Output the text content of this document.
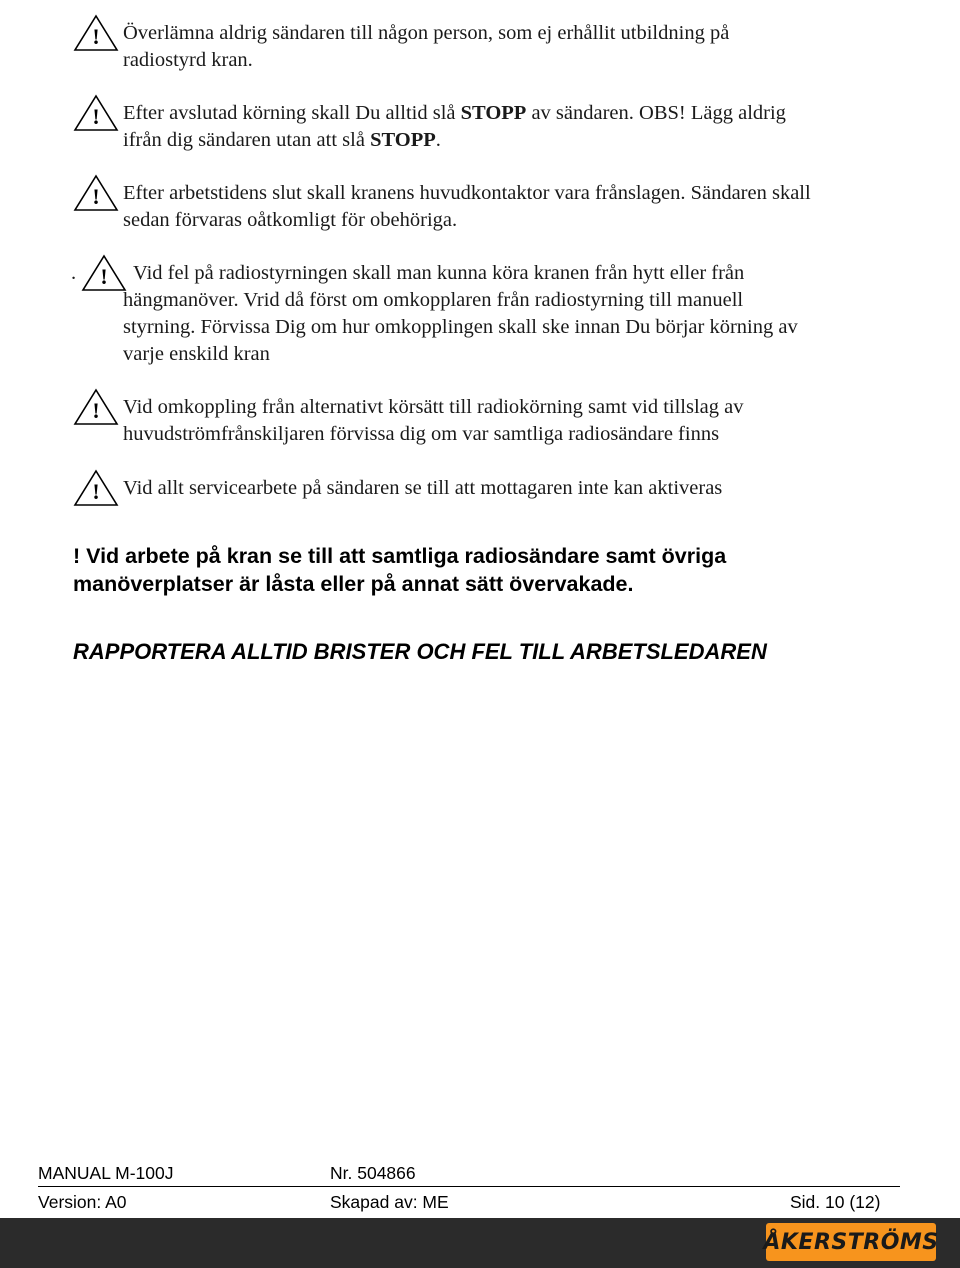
!	Överlämna aldrig sändaren till någon person, som ej erhållit utbildning på
radiostyrd kran.
!	Efter avslutad körning skall Du alltid slå STOPP av sändaren. OBS! Lägg aldrig
ifrån dig sändaren utan att slå STOPP.
!	Efter arbetstidens slut skall kranens huvudkontaktor vara frånslagen. Sändaren skall
sedan förvaras oåtkomligt för obehöriga.
. !	Vid fel på radiostyrningen skall man kunna köra kranen från hytt eller från
hängmanöver. Vrid då först om omkopplaren från radiostyrning till manuell
styrning. Förvissa Dig om hur omkopplingen skall ske innan Du börjar körning av
varje enskild kran
!	Vid omkoppling från alternativt körsätt till radiokörning samt vid tillslag av
huvudströmfrånskiljaren förvissa dig om var samtliga radiosändare finns
!	Vid allt servicearbete på sändaren se till att mottagaren inte kan aktiveras
! Vid arbete på kran se till att samtliga radiosändare samt övriga
manöverplatser är låsta eller på annat sätt övervakade.
RAPPORTERA ALLTID BRISTER OCH FEL TILL ARBETSLEDAREN
MANUAL M-100J	Nr. 504866
Version: A0	Skapad av: ME	Sid. 10 (12)
ÅKERSTRÖMS
